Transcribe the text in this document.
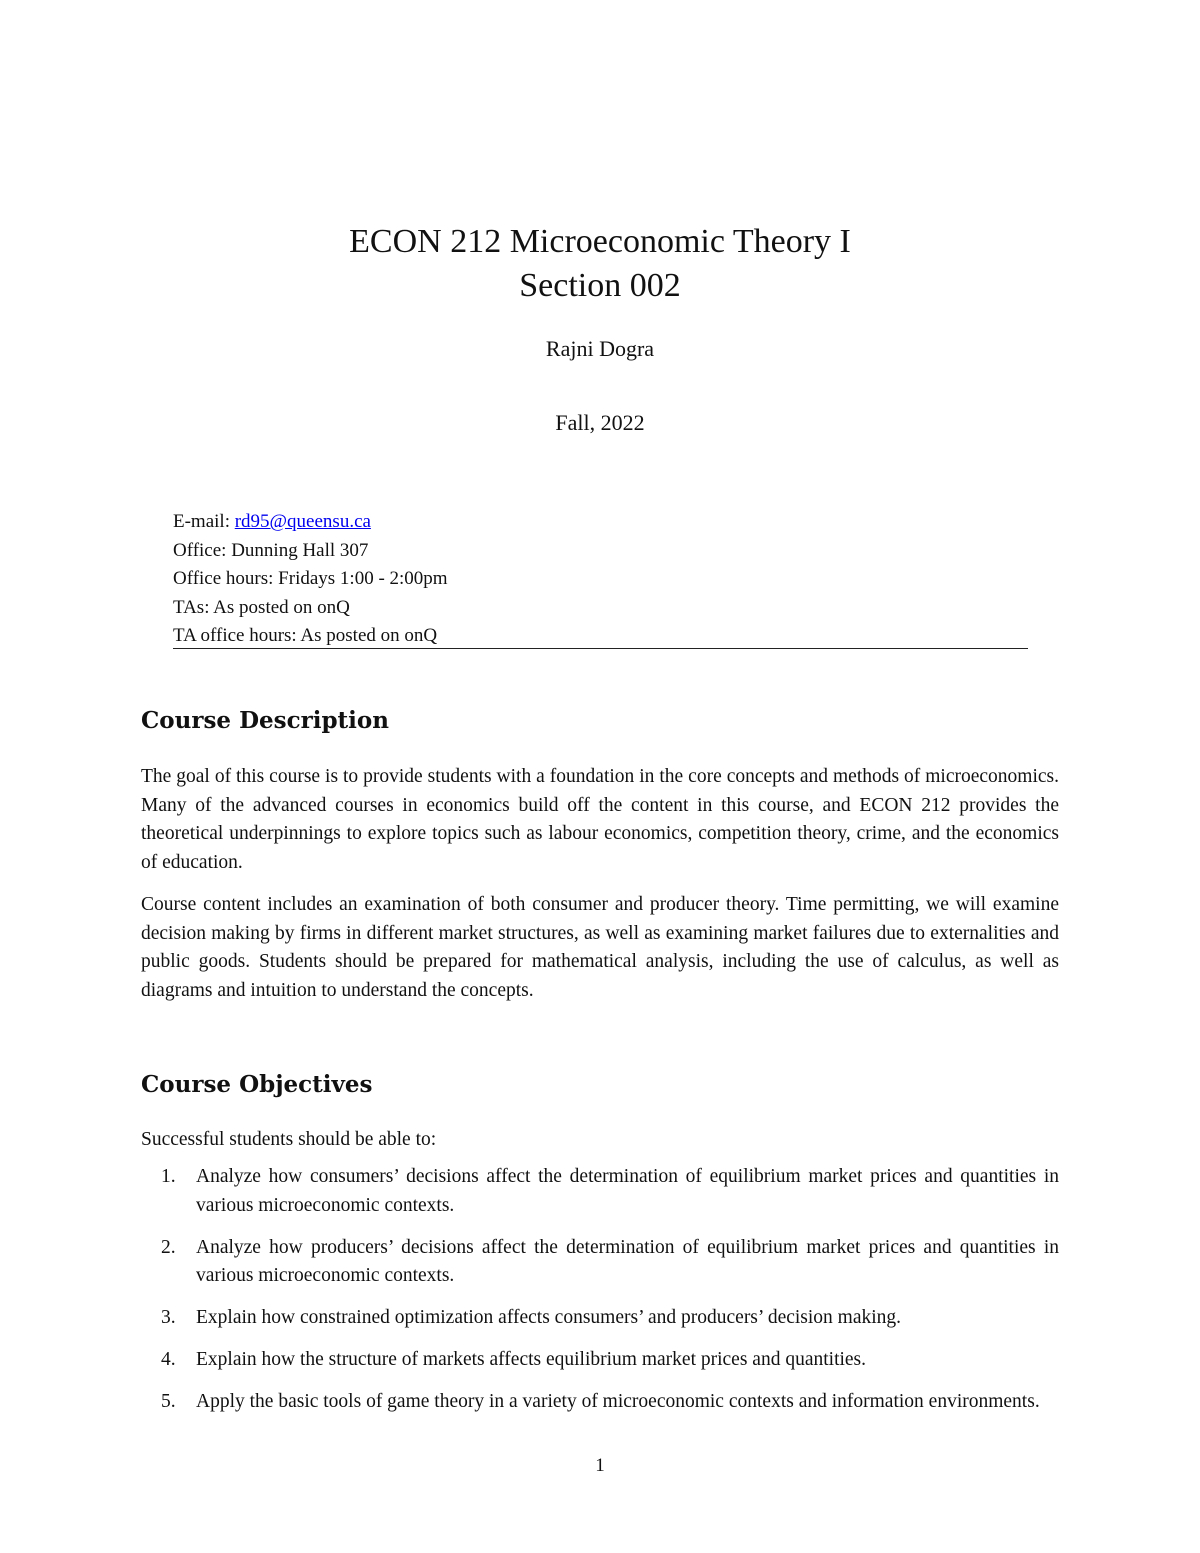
ECON 212 Microeconomic Theory I
Section 002
Rajni Dogra
Fall, 2022
E-mail: rd95@queensu.ca
Office: Dunning Hall 307
Office hours: Fridays 1:00 - 2:00pm
TAs: As posted on onQ
TA office hours: As posted on onQ
Course Description

The goal of this course is to provide students with a foundation in the core concepts and methods of microeconomics. Many of the advanced courses in economics build off the content in this course, and ECON 212 provides the theoretical underpinnings to explore topics such as labour economics, competition theory, crime, and the economics of education.

Course content includes an examination of both consumer and producer theory. Time permitting, we will examine decision making by firms in different market structures, as well as examining market failures due to externalities and public goods. Students should be prepared for mathematical analysis, including the use of calculus, as well as diagrams and intuition to understand the concepts.

Course Objectives
Successful students should be able to:
1. Analyze how consumers’ decisions affect the determination of equilibrium market prices and quantities in various microeconomic contexts.
2. Analyze how producers’ decisions affect the determination of equilibrium market prices and quantities in various microeconomic contexts.
3. Explain how constrained optimization affects consumers’ and producers’ decision making.
4. Explain how the structure of markets affects equilibrium market prices and quantities.
5. Apply the basic tools of game theory in a variety of microeconomic contexts and information environments.
1
